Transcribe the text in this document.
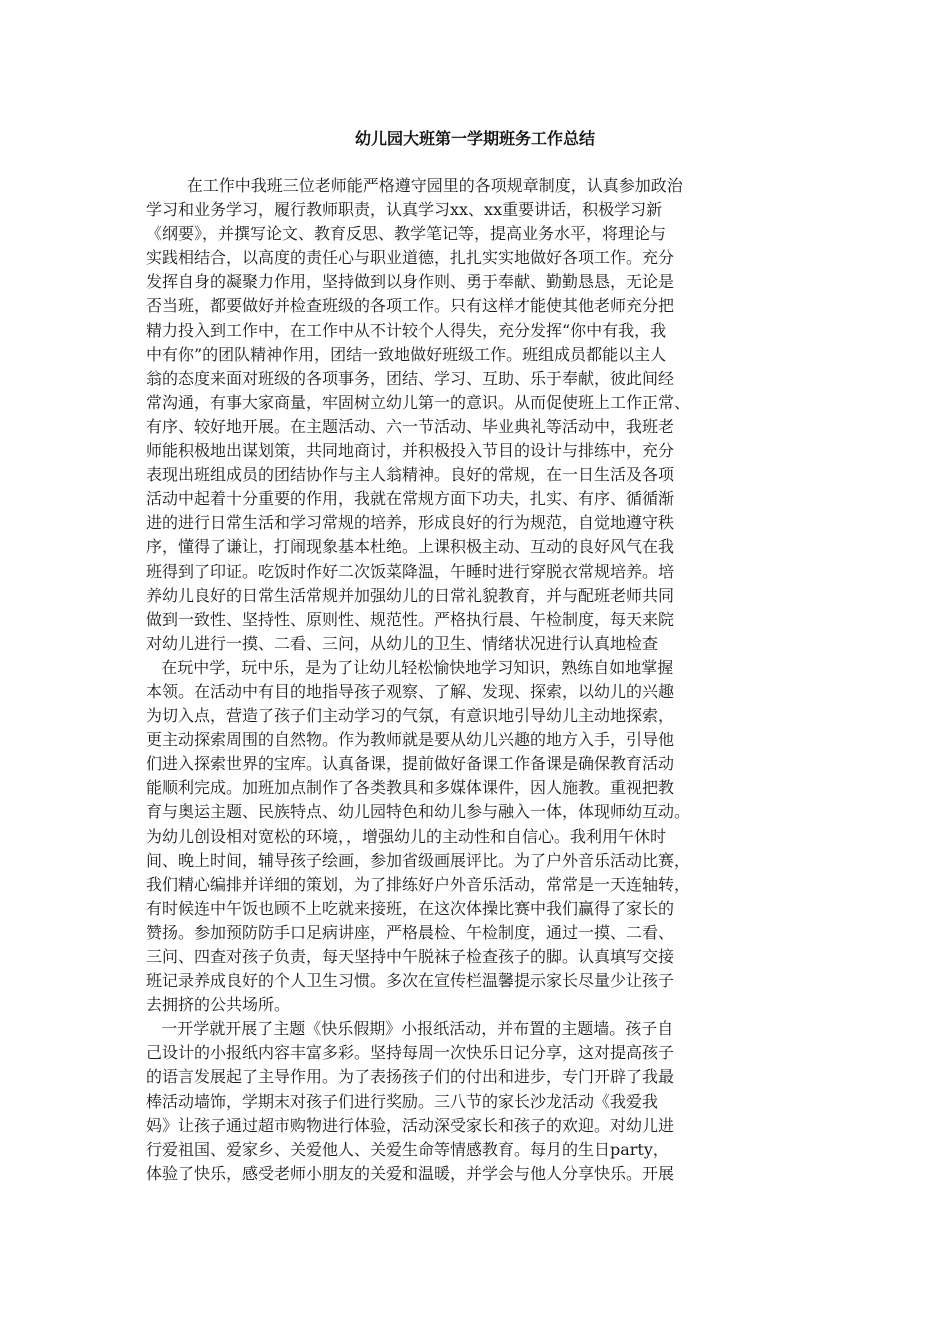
幼儿园大班第一学期班务工作总结
在工作中我班三位老师能严格遵守园里的各项规章制度，认真参加政治
学习和业务学习，履行教师职责，认真学习xx、xx重要讲话，积极学习新
《纲要》，并撰写论文、教育反思、教学笔记等，提高业务水平，将理论与
实践相结合，以高度的责任心与职业道德，扎扎实实地做好各项工作。充分
发挥自身的凝聚力作用，坚持做到以身作则、勇于奉献、勤勤恳恳，无论是
否当班，都要做好并检查班级的各项工作。只有这样才能使其他老师充分把
精力投入到工作中，在工作中从不计较个人得失，充分发挥“你中有我，我
中有你”的团队精神作用，团结一致地做好班级工作。班组成员都能以主人
翁的态度来面对班级的各项事务，团结、学习、互助、乐于奉献，彼此间经
常沟通，有事大家商量，牢固树立幼儿第一的意识。从而促使班上工作正常、
有序、较好地开展。在主题活动、六一节活动、毕业典礼等活动中，我班老
师能积极地出谋划策，共同地商讨，并积极投入节目的设计与排练中，充分
表现出班组成员的团结协作与主人翁精神。良好的常规，在一日生活及各项
活动中起着十分重要的作用，我就在常规方面下功夫，扎实、有序、循循渐
进的进行日常生活和学习常规的培养，形成良好的行为规范，自觉地遵守秩
序，懂得了谦让，打闹现象基本杜绝。上课积极主动、互动的良好风气在我
班得到了印证。吃饭时作好二次饭菜降温，午睡时进行穿脱衣常规培养。培
养幼儿良好的日常生活常规并加强幼儿的日常礼貌教育，并与配班老师共同
做到一致性、坚持性、原则性、规范性。严格执行晨、午检制度，每天来院
对幼儿进行一摸、二看、三问，从幼儿的卫生、情绪状况进行认真地检查
在玩中学，玩中乐，是为了让幼儿轻松愉快地学习知识，熟练自如地掌握
本领。在活动中有目的地指导孩子观察、了解、发现、探索，以幼儿的兴趣
为切入点，营造了孩子们主动学习的气氛，有意识地引导幼儿主动地探索，
更主动探索周围的自然物。作为教师就是要从幼儿兴趣的地方入手，引导他
们进入探索世界的宝库。认真备课，提前做好备课工作备课是确保教育活动
能顺利完成。加班加点制作了各类教具和多媒体课件，因人施教。重视把教
育与奥运主题、民族特点、幼儿园特色和幼儿参与融入一体，体现师幼互动。
为幼儿创设相对宽松的环境，，增强幼儿的主动性和自信心。我利用午休时
间、晚上时间，辅导孩子绘画，参加省级画展评比。为了户外音乐活动比赛，
我们精心编排并详细的策划，为了排练好户外音乐活动，常常是一天连轴转，
有时候连中午饭也顾不上吃就来接班，在这次体操比赛中我们赢得了家长的
赞扬。参加预防防手口足病讲座，严格晨检、午检制度，通过一摸、二看、
三问、四查对孩子负责，每天坚持中午脱袜子检查孩子的脚。认真填写交接
班记录养成良好的个人卫生习惯。多次在宣传栏温馨提示家长尽量少让孩子
去拥挤的公共场所。
一开学就开展了主题《快乐假期》小报纸活动，并布置的主题墙。孩子自
己设计的小报纸内容丰富多彩。坚持每周一次快乐日记分享，这对提高孩子
的语言发展起了主导作用。为了表扬孩子们的付出和进步，专门开辟了我最
棒活动墙饰，学期末对孩子们进行奖励。三八节的家长沙龙活动《我爱我
妈》让孩子通过超市购物进行体验，活动深受家长和孩子的欢迎。对幼儿进
行爱祖国、爱家乡、关爱他人、关爱生命等情感教育。每月的生日party，
体验了快乐，感受老师小朋友的关爱和温暖，并学会与他人分享快乐。开展
